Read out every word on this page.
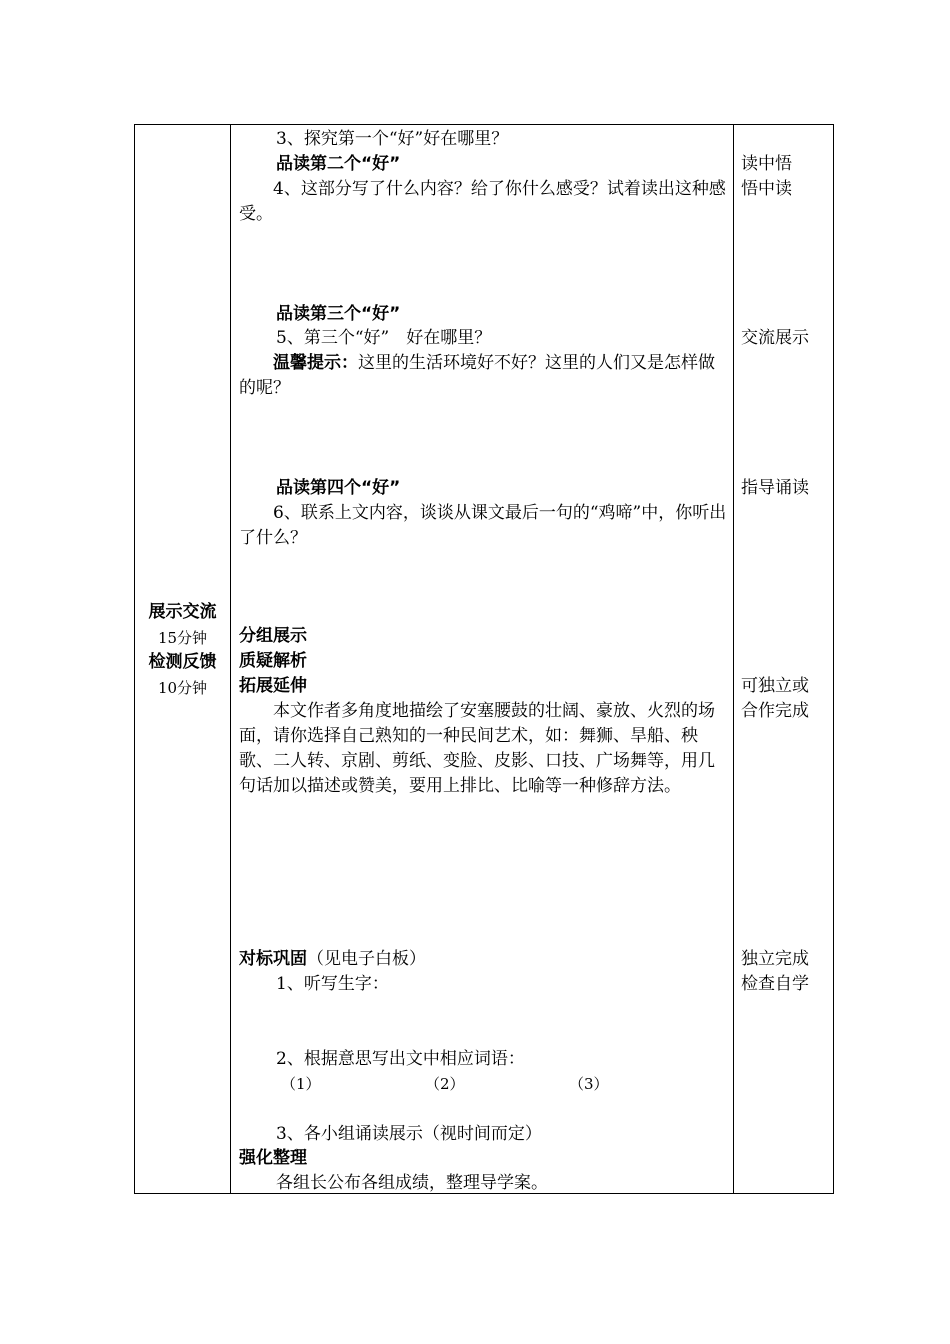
展示交流
15分钟
检测反馈
10分钟
3、探究第一个“好”好在哪里？
品读第二个“好”
4、这部分写了什么内容？给了你什么感受？试着读出这种感受。
品读第三个“好”
5、第三个“好”　好在哪里？
温馨提示：这里的生活环境好不好？这里的人们又是怎样做的呢？
品读第四个“好”
6、联系上文内容，谈谈从课文最后一句的“鸡啼”中，你听出了什么？
分组展示
质疑解析
拓展延伸
本文作者多角度地描绘了安塞腰鼓的壮阔、豪放、火烈的场面，请你选择自己熟知的一种民间艺术，如：舞狮、旱船、秧歌、二人转、京剧、剪纸、变脸、皮影、口技、广场舞等，用几句话加以描述或赞美，要用上排比、比喻等一种修辞方法。
对标巩固（见电子白板）
1、听写生字：
2、根据意思写出文中相应词语：
（1）	（2）	（3）
3、各小组诵读展示（视时间而定）
强化整理
各组长公布各组成绩，整理导学案。
读中悟
悟中读
交流展示
指导诵读
可独立或
合作完成
独立完成
检查自学
